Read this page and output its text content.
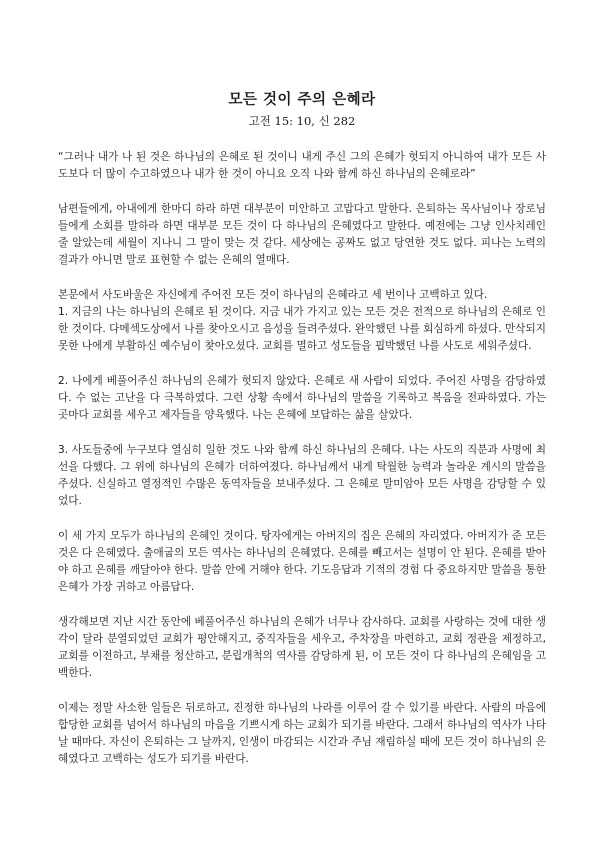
모든 것이 주의 은혜라
고전 15: 10, 신 282
“그러나 내가 나 된 것은 하나님의 은혜로 된 것이니 내게 주신 그의 은혜가 헛되지 아니하여 내가 모든 사도보다 더 많이 수고하였으나 내가 한 것이 아니요 오직 나와 함께 하신 하나님의 은혜로라”
남편들에게, 아내에게 한마디 하라 하면 대부분이 미안하고 고맙다고 말한다. 은퇴하는 목사님이나 장로님들에게 소회를 말하라 하면 대부분 모든 것이 다 하나님의 은혜였다고 말한다. 예전에는 그냥 인사치레인 줄 알았는데 세월이 지나니 그 말이 맞는 것 같다. 세상에는 공짜도 없고 당연한 것도 없다. 피나는 노력의 결과가 아니면 말로 표현할 수 없는 은혜의 열매다.

본문에서 사도바울은 자신에게 주어진 모든 것이 하나님의 은혜라고 세 번이나 고백하고 있다.

1. 지금의 나는 하나님의 은혜로 된 것이다. 지금 내가 가지고 있는 모든 것은 전적으로 하나님의 은혜로 인한 것이다. 다메섹도상에서 나를 찾아오시고 음성을 들려주셨다. 완악했던 나를 회심하게 하셨다. 만삭되지 못한 나에게 부활하신 예수님이 찾아오셨다. 교회를 멸하고 성도들을 핍박했던 나를 사도로 세워주셨다.

2. 나에게 베풀어주신 하나님의 은혜가 헛되지 않았다. 은혜로 새 사람이 되었다. 주어진 사명을 감당하였다. 수 없는 고난을 다 극복하였다. 그런 상황 속에서 하나님의 말씀을 기록하고 복음을 전파하였다. 가는 곳마다 교회를 세우고 제자들을 양육했다. 나는 은혜에 보답하는 삶을 살았다.
3. 사도들중에 누구보다 열심히 일한 것도 나와 함께 하신 하나님의 은혜다. 나는 사도의 직분과 사명에 최선을 다했다. 그 위에 하나님의 은혜가 더하여졌다. 하나님께서 내게 탁월한 능력과 놀라운 계시의 말씀을 주셨다. 신실하고 열정적인 수많은 동역자들을 보내주셨다. 그 은혜로 말미암아 모든 사명을 감당할 수 있었다.
이 세 가지 모두가 하나님의 은혜인 것이다. 탕자에게는 아버지의 집은 은혜의 자리였다. 아버지가 준 모든 것은 다 은혜였다. 출애굽의 모든 역사는 하나님의 은혜였다. 은혜를 빼고서는 설명이 안 된다. 은혜를 받아야 하고 은혜를 깨달아야 한다. 말씀 안에 거해야 한다. 기도응답과 기적의 경험 다 중요하지만 말씀을 통한 은혜가 가장 귀하고 아름답다.
생각해보면 지난 시간 동안에 베풀어주신 하나님의 은혜가 너무나 감사하다. 교회를 사랑하는 것에 대한 생각이 달라 분열되었던 교회가 평안해지고, 중직자들을 세우고, 주차장을 마련하고, 교회 정관을 제정하고, 교회를 이전하고, 부채를 청산하고, 분립개척의 역사를 감당하게 된, 이 모든 것이 다 하나님의 은혜임을 고백한다.
이제는 정말 사소한 일들은 뒤로하고, 진정한 하나님의 나라를 이루어 갈 수 있기를 바란다. 사람의 마음에 합당한 교회를 넘어서 하나님의 마음을 기쁘시게 하는 교회가 되기를 바란다. 그래서 하나님의 역사가 나타날 때마다. 자신이 은퇴하는 그 날까지, 인생이 마감되는 시간과 주님 재림하실 때에 모든 것이 하나님의 은혜였다고 고백하는 성도가 되기를 바란다.
